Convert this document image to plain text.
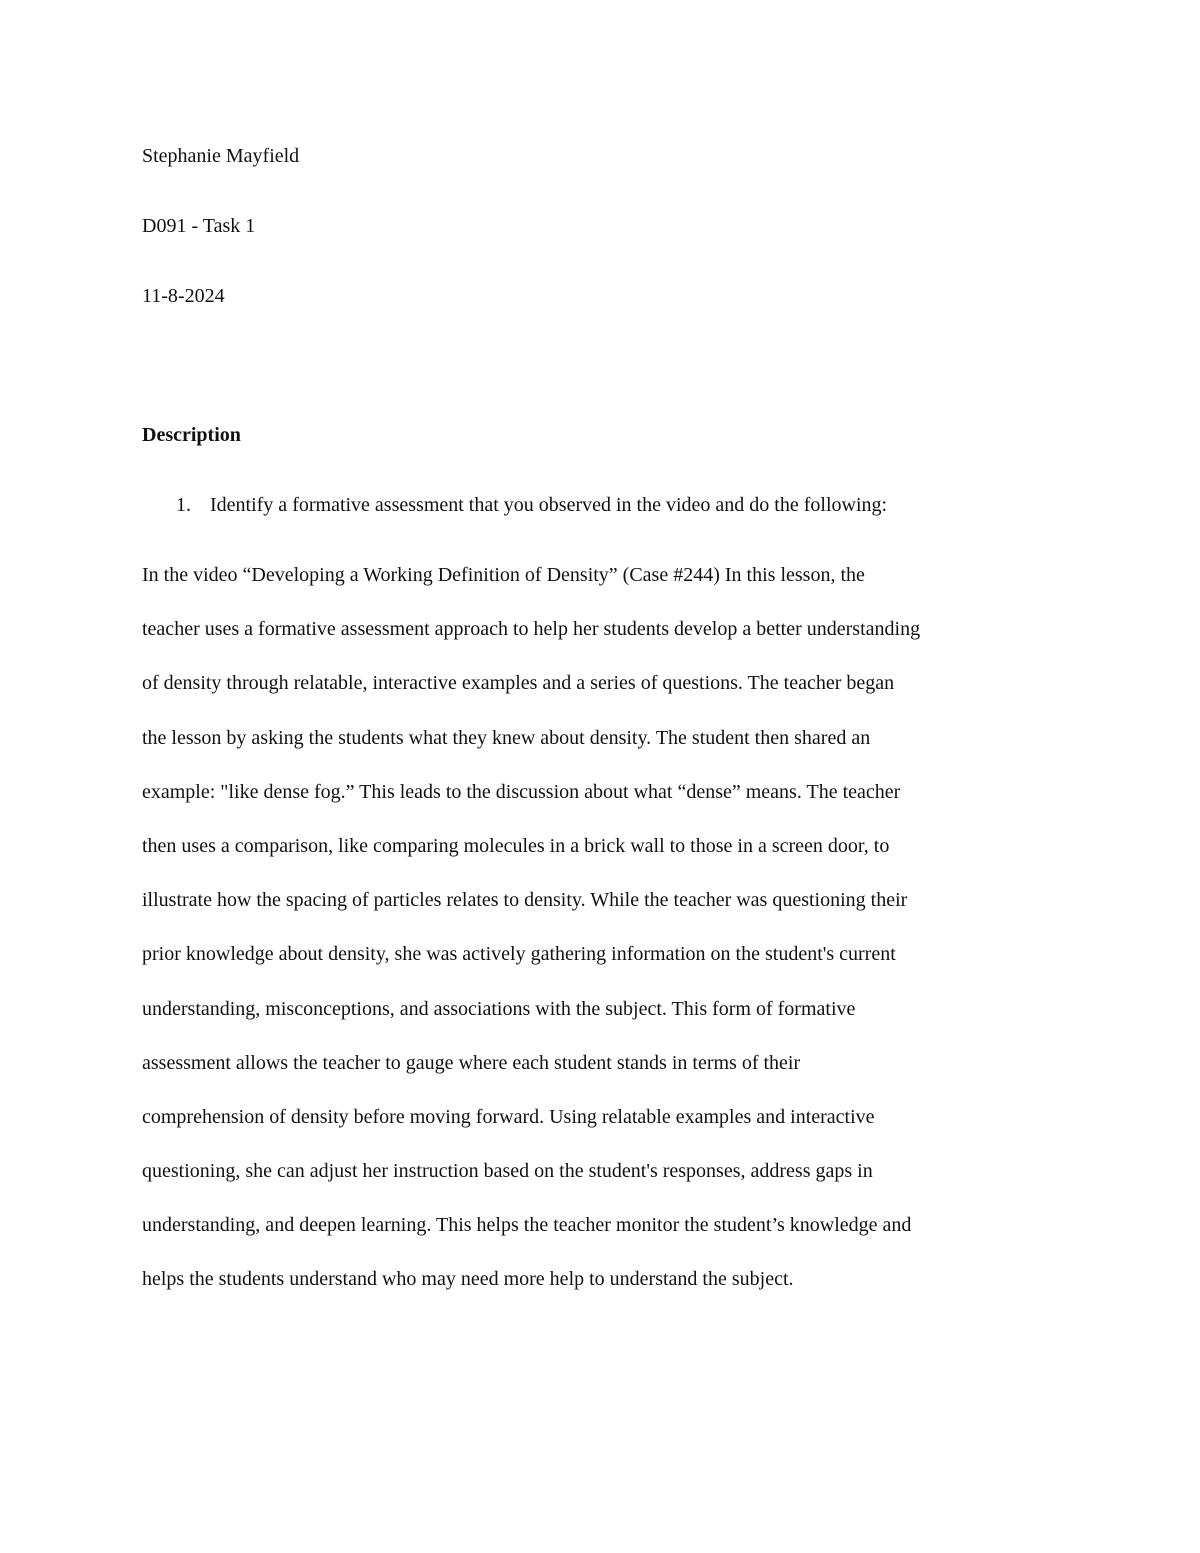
Stephanie Mayfield
D091 - Task 1
11-8-2024
Description
1. Identify a formative assessment that you observed in the video and do the following:
In the video “Developing a Working Definition of Density” (Case #244) In this lesson, the
teacher uses a formative assessment approach to help her students develop a better understanding
of density through relatable, interactive examples and a series of questions. The teacher began
the lesson by asking the students what they knew about density. The student then shared an
example: "like dense fog.” This leads to the discussion about what “dense” means. The teacher
then uses a comparison, like comparing molecules in a brick wall to those in a screen door, to
illustrate how the spacing of particles relates to density. While the teacher was questioning their
prior knowledge about density, she was actively gathering information on the student's current
understanding, misconceptions, and associations with the subject. This form of formative
assessment allows the teacher to gauge where each student stands in terms of their
comprehension of density before moving forward. Using relatable examples and interactive
questioning, she can adjust her instruction based on the student's responses, address gaps in
understanding, and deepen learning. This helps the teacher monitor the student’s knowledge and
helps the students understand who may need more help to understand the subject.
